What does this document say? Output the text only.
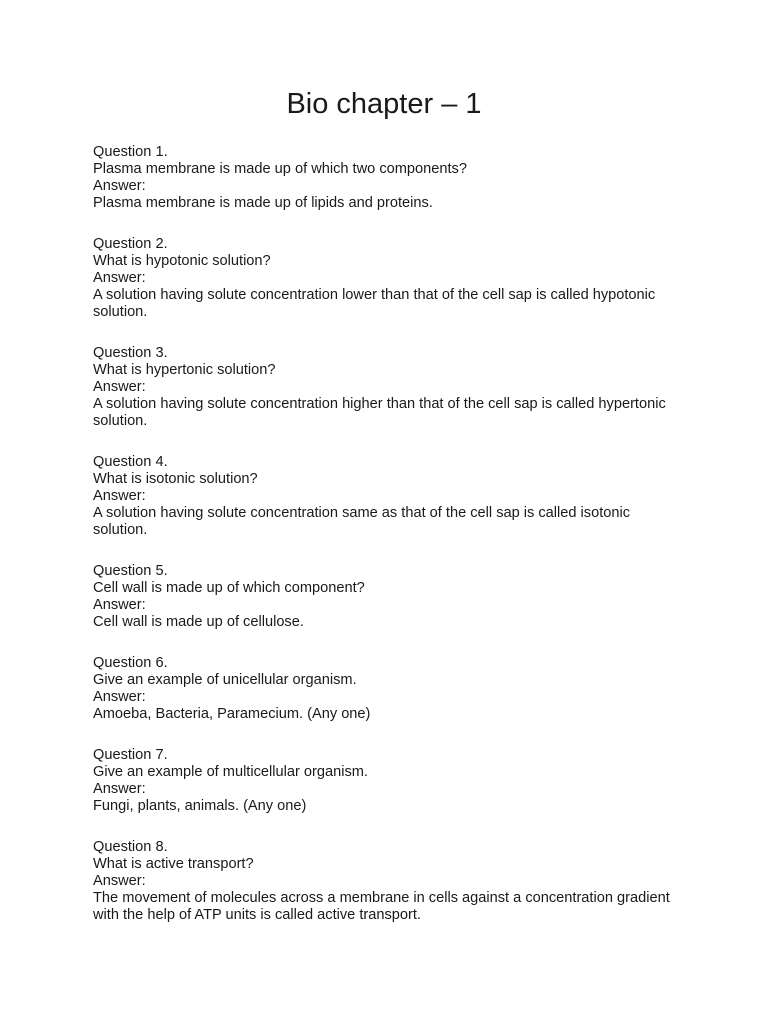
Bio chapter – 1
Question 1.
Plasma membrane is made up of which two components?
Answer:
Plasma membrane is made up of lipids and proteins.
Question 2.
What is hypotonic solution?
Answer:
A solution having solute concentration lower than that of the cell sap is called hypotonic solution.
Question 3.
What is hypertonic solution?
Answer:
A solution having solute concentration higher than that of the cell sap is called hypertonic solution.
Question 4.
What is isotonic solution?
Answer:
A solution having solute concentration same as that of the cell sap is called isotonic solution.
Question 5.
Cell wall is made up of which component?
Answer:
Cell wall is made up of cellulose.
Question 6.
Give an example of unicellular organism.
Answer:
Amoeba, Bacteria, Paramecium. (Any one)
Question 7.
Give an example of multicellular organism.
Answer:
Fungi, plants, animals. (Any one)
Question 8.
What is active transport?
Answer:
The movement of molecules across a membrane in cells against a concentration gradient with the help of ATP units is called active transport.
